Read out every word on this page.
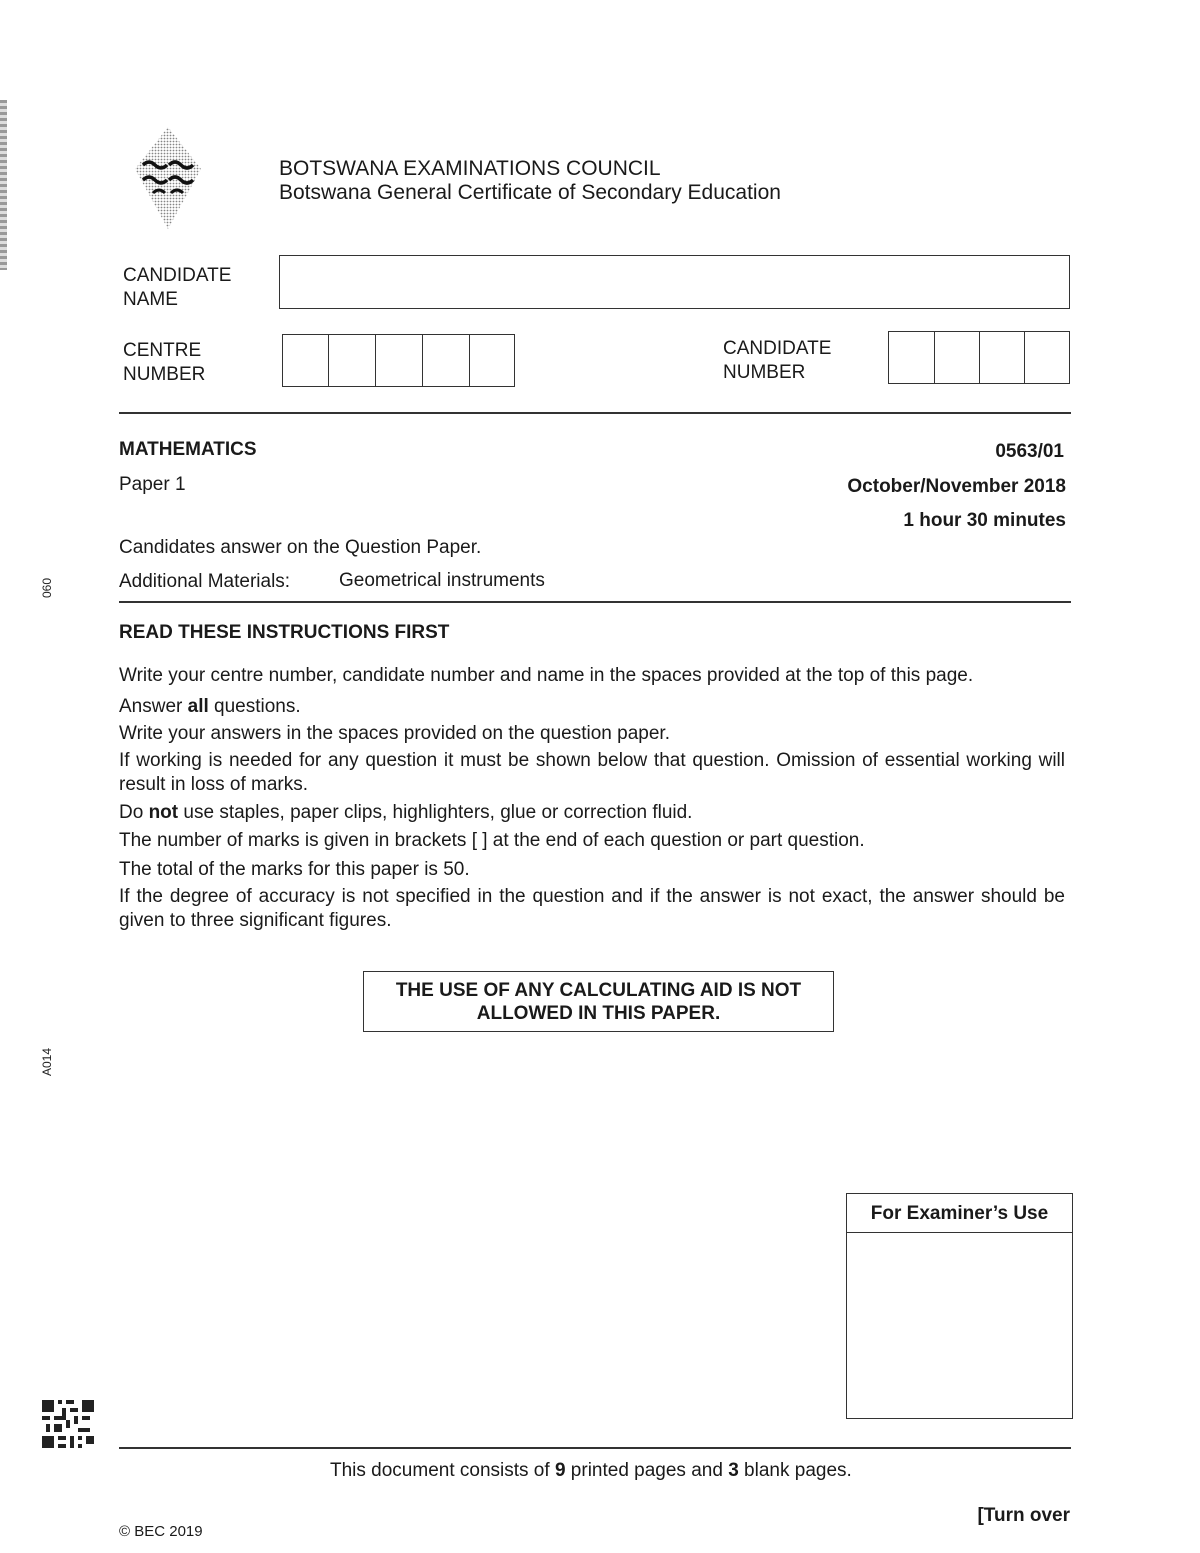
060
A014
BOTSWANA EXAMINATIONS COUNCIL
Botswana General Certificate of Secondary Education
CANDIDATE
NAME
CENTRE
NUMBER
CANDIDATE
NUMBER
MATHEMATICS	0563/01
Paper 1	October/November 2018
1 hour 30 minutes
Candidates answer on the Question Paper.
Additional Materials:	Geometrical instruments
READ THESE INSTRUCTIONS FIRST

Write your centre number, candidate number and name in the spaces provided at the top of this page.

Answer all questions.

Write your answers in the spaces provided on the question paper.

If working is needed for any question it must be shown below that question. Omission of essential working will result in loss of marks.

Do not use staples, paper clips, highlighters, glue or correction fluid.

The number of marks is given in brackets [ ] at the end of each question or part question.

The total of the marks for this paper is 50.

If the degree of accuracy is not specified in the question and if the answer is not exact, the answer should be given to three significant figures.

THE USE OF ANY CALCULATING AID IS NOT
ALLOWED IN THIS PAPER.
For Examiner’s Use
This document consists of 9 printed pages and 3 blank pages.
© BEC 2019
[Turn over
